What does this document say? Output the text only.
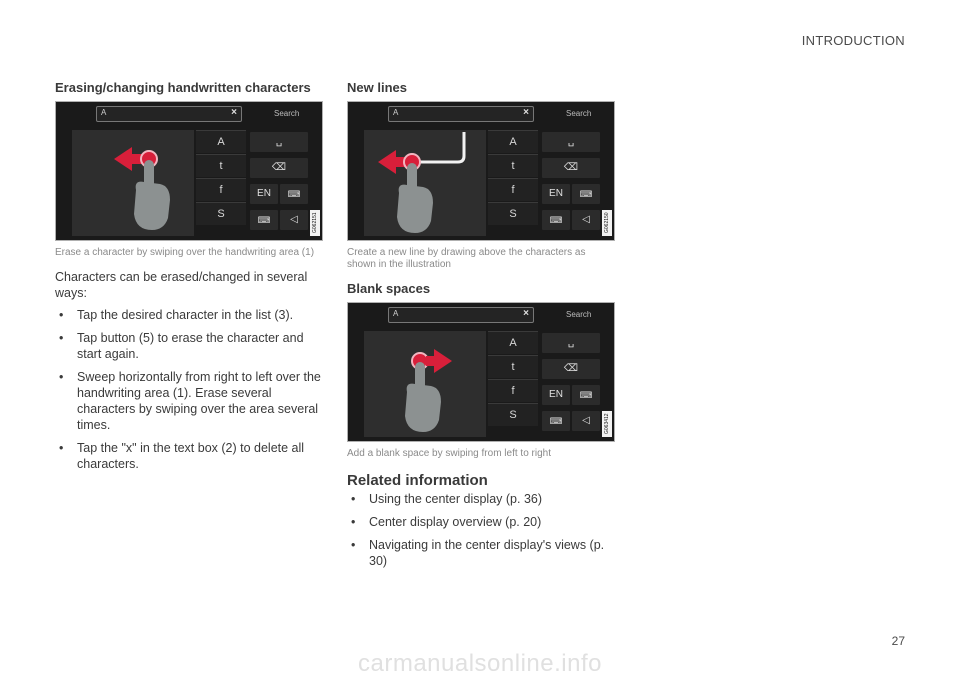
INTRODUCTION
Erasing/changing handwritten characters
A	×	Search
A
t
f
S
␣
⌫
EN	⌨
⌨	◁	G062151
Erase a character by swiping over the handwriting area (1)
Characters can be erased/changed in several ways:
• Tap the desired character in the list (3).
• Tap button (5) to erase the character and start again.
• Sweep horizontally from right to left over the handwriting area (1). Erase several characters by swiping over the area several times.
• Tap the "x" in the text box (2) to delete all characters.
New lines
A	×	Search
A
t
f
S
␣
⌫
EN	⌨
⌨	◁	G062150
Create a new line by drawing above the characters as shown in the illustration
Blank spaces
A	×	Search
A
t
f
S
␣
⌫
EN	⌨
⌨	◁	G063412
Add a blank space by swiping from left to right
Related information
• Using the center display (p. 36)
• Center display overview (p. 20)
• Navigating in the center display's views (p. 30)
27
carmanualsonline.info
